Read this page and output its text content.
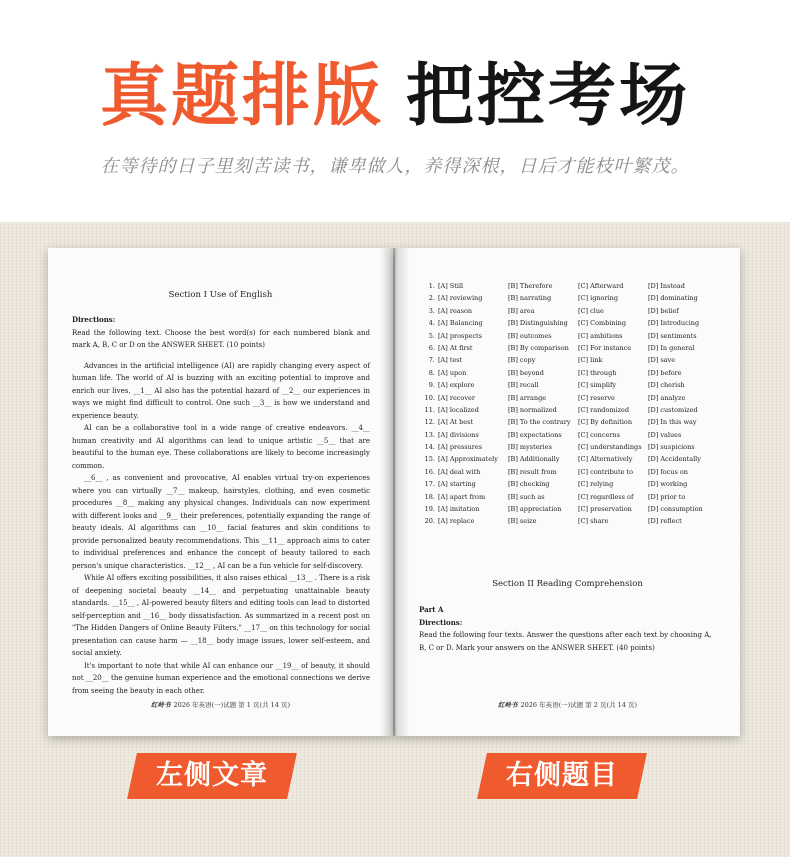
真题排版 把控考场
在等待的日子里刻苦读书，谦卑做人，养得深根，日后才能枝叶繁茂。
Section I Use of English

Directions:

Read the following text. Choose the best word(s) for each numbered blank and mark A, B, C or D on the ANSWER SHEET. (10 points)

Advances in the artificial intelligence (AI) are rapidly changing every aspect of human life. The world of AI is buzzing with an exciting potential to improve and enrich our lives. __1__ AI also has the potential hazard of __2__ our experiences in ways we might find difficult to control. One such __3__ is how we understand and experience beauty.

AI can be a collaborative tool in a wide range of creative endeavors. __4__ human creativity and AI algorithms can lead to unique artistic __5__ that are beautiful to the human eye. These collaborations are likely to become increasingly common.

__6__ , as convenient and provocative, AI enables virtual try-on experiences where you can virtually __7__ makeup, hairstyles, clothing, and even cosmetic procedures __8__ making any physical changes. Individuals can now experiment with different looks and __9__ their preferences, potentially expanding the range of beauty ideals. AI algorithms can __10__ facial features and skin conditions to provide personalized beauty recommendations. This __11__ approach aims to cater to individual preferences and enhance the concept of beauty tailored to each person's unique characteristics. __12__ , AI can be a fun vehicle for self-discovery.

While AI offers exciting possibilities, it also raises ethical __13__ . There is a risk of deepening societal beauty __14__ and perpetuating unattainable beauty standards. __15__ , AI-powered beauty filters and editing tools can lead to distorted self-perception and __16__ body dissatisfaction. As summarized in a recent post on "The Hidden Dangers of Online Beauty Filters," __17__ on this technology for social presentation can cause harm — __18__ body image issues, lower self-esteem, and social anxiety.

It's important to note that while AI can enhance our __19__ of beauty, it should not __20__ the genuine human experience and the emotional connections we derive from seeing the beauty in each other.

红岭书 2026 年英语(一)试题 第 1 页(共 14 页)
1. [A] Still	[B] Therefore	[C] Afterward	[D] Instead
2. [A] reviewing	[B] narrating	[C] ignoring	[D] dominating
3. [A] reason	[B] area	[C] clue	[D] belief
4. [A] Balancing	[B] Distinguishing	[C] Combining	[D] Introducing
5. [A] prospects	[B] outcomes	[C] ambitions	[D] sentiments
6. [A] At first	[B] By comparison	[C] For instance	[D] In general
7. [A] test	[B] copy	[C] link	[D] save
8. [A] upon	[B] beyond	[C] through	[D] before
9. [A] explore	[B] recall	[C] simplify	[D] cherish
10. [A] recover	[B] arrange	[C] reserve	[D] analyze
11. [A] localized	[B] normalized	[C] randomized	[D] customized
12. [A] At best	[B] To the contrary	[C] By definition	[D] In this way
13. [A] divisions	[B] expectations	[C] concerns	[D] values
14. [A] pressures	[B] mysteries	[C] understandings [D] suspicions
15. [A] Approximately	[B] Additionally	[C] Alternatively	[D] Accidentally
16. [A] deal with	[B] result from	[C] contribute to	[D] focus on
17. [A] starting	[B] checking	[C] relying	[D] working
18. [A] apart from	[B] such as	[C] regardless of	[D] prior to
19. [A] imitation	[B] appreciation	[C] preservation	[D] consumption
20. [A] replace	[B] seize	[C] share	[D] reflect
Section II Reading Comprehension

Part A

Directions:

Read the following four texts. Answer the questions after each text by choosing A, B, C or D. Mark your answers on the ANSWER SHEET. (40 points)

红岭书 2026 年英语(一)试题 第 2 页(共 14 页)
左侧文章	右侧题目
